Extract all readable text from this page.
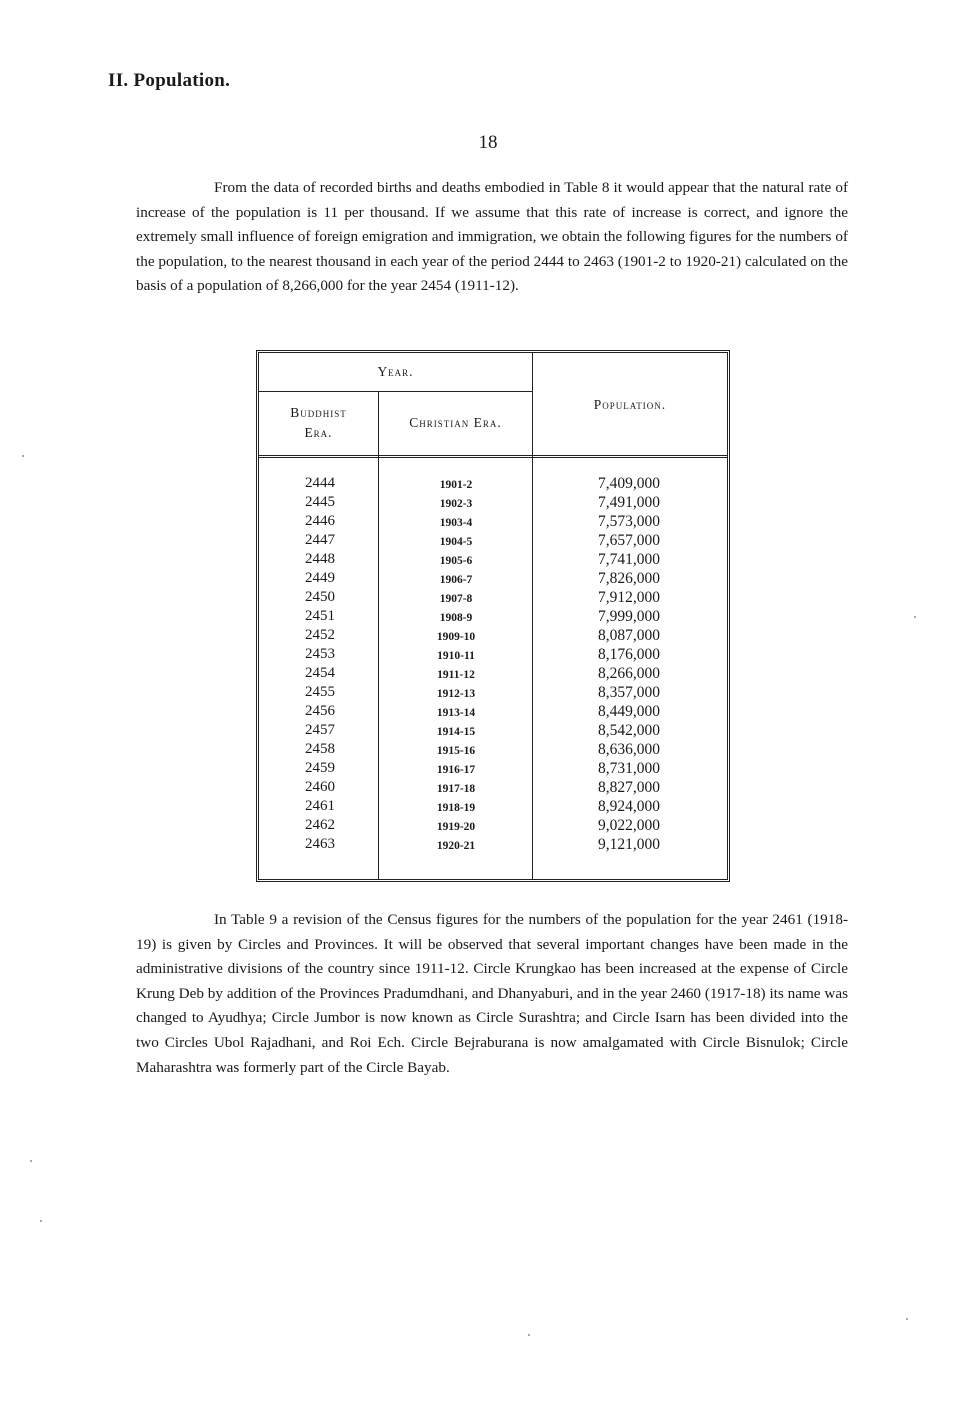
II. Population.
18

From the data of recorded births and deaths embodied in Table 8 it would appear that the natural rate of increase of the population is 11 per thousand. If we assume that this rate of increase is correct, and ignore the extremely small influence of foreign emigration and immigration, we obtain the following figures for the numbers of the population, to the nearest thousand in each year of the period 2444 to 2463 (1901-2 to 1920-21) calculated on the basis of a population of 8,266,000 for the year 2454 (1911-12).

Year.
Buddhist
Era.
Christian Era.
Population.
2444
2445
2446
2447
2448
2449
2450
2451
2452
2453
2454
2455
2456
2457
2458
2459
2460
2461
2462
2463
1901-2
1902-3
1903-4
1904-5
1905-6
1906-7
1907-8
1908-9
1909-10
1910-11
1911-12
1912-13
1913-14
1914-15
1915-16
1916-17
1917-18
1918-19
1919-20
1920-21
7,409,000
7,491,000
7,573,000
7,657,000
7,741,000
7,826,000
7,912,000
7,999,000
8,087,000
8,176,000
8,266,000
8,357,000
8,449,000
8,542,000
8,636,000
8,731,000
8,827,000
8,924,000
9,022,000
9,121,000

In Table 9 a revision of the Census figures for the numbers of the population for the year 2461 (1918-19) is given by Circles and Provinces. It will be observed that several important changes have been made in the administrative divisions of the country since 1911-12. Circle Krungkao has been increased at the expense of Circle Krung Deb by addition of the Provinces Pradumdhani, and Dhanyaburi, and in the year 2460 (1917-18) its name was changed to Ayudhya; Circle Jumbor is now known as Circle Surashtra; and Circle Isarn has been divided into the two Circles Ubol Rajadhani, and Roi Ech. Circle Bejraburana is now amalgamated with Circle Bisnulok; Circle Maharashtra was formerly part of the Circle Bayab.
